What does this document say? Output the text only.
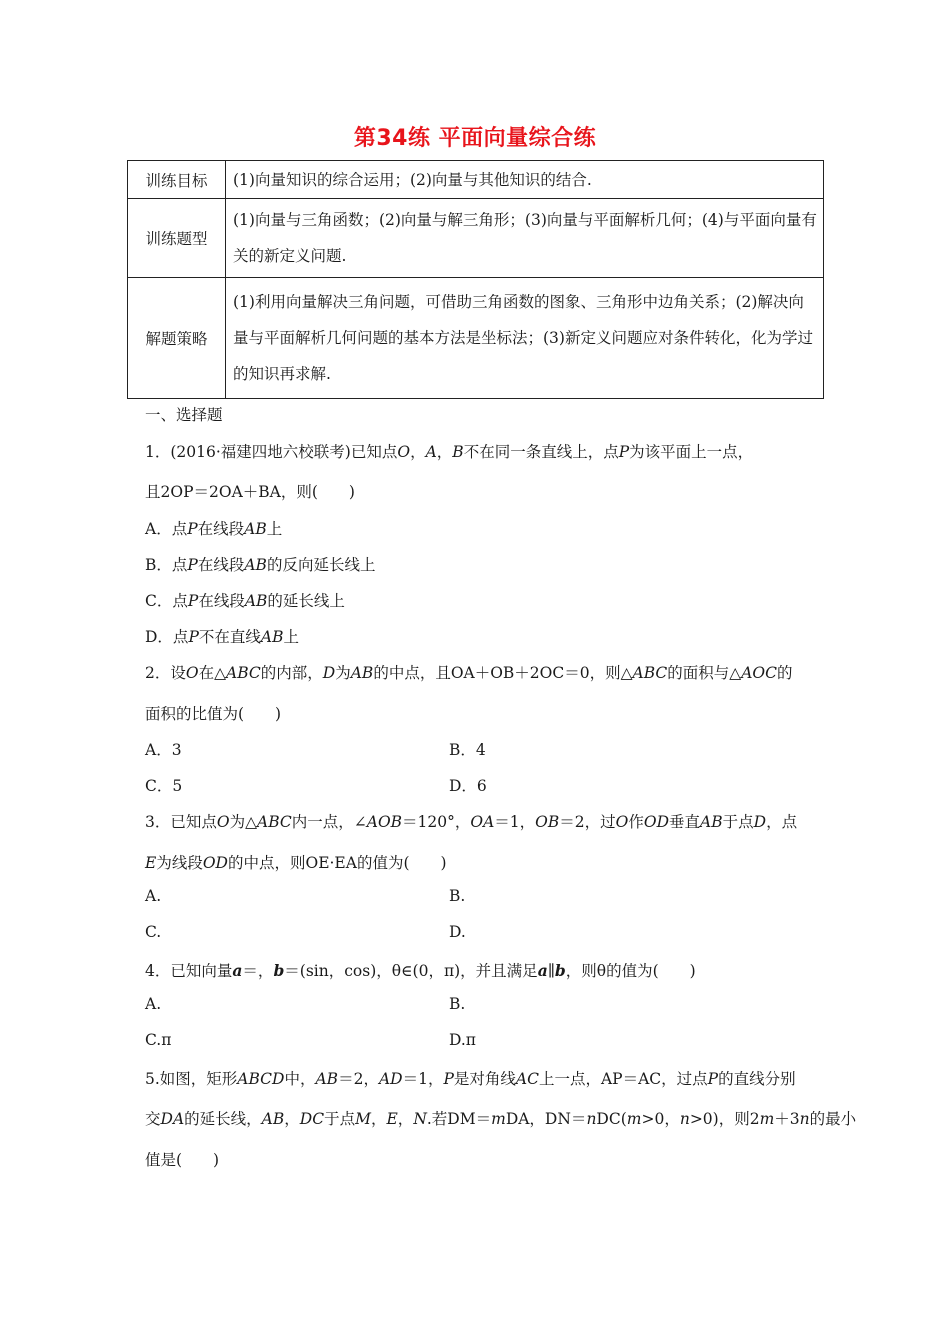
第34练 平面向量综合练
训练目标	(1)向量知识的综合运用；(2)向量与其他知识的结合.
训练题型	(1)向量与三角函数；(2)向量与解三角形；(3)向量与平面解析几何；(4)与平面向量有关的新定义问题.
解题策略	(1)利用向量解决三角问题，可借助三角函数的图象、三角形中边角关系；(2)解决向量与平面解析几何问题的基本方法是坐标法；(3)新定义问题应对条件转化，化为学过的知识再求解.
一、选择题
1．(2016·福建四地六校联考)已知点O，A，B不在同一条直线上，点P为该平面上一点，
且2OP＝2OA＋BA，则(　　)
A．点P在线段AB上
B．点P在线段AB的反向延长线上
C．点P在线段AB的延长线上
D．点P不在直线AB上
2．设O在△ABC的内部，D为AB的中点，且OA＋OB＋2OC＝0，则△ABC的面积与△AOC的
面积的比值为(　　)
A．3	B．4
C．5	D．6
3．已知点O为△ABC内一点，∠AOB＝120°，OA＝1，OB＝2，过O作OD垂直AB于点D，点
E为线段OD的中点，则OE·EA的值为(　　)
A.	B.
C.	D.
4．已知向量a＝，b＝(sin，cos)，θ∈(0，π)，并且满足a∥b，则θ的值为(　　)
A.	B.
C.π	D.π
5.如图，矩形ABCD中，AB＝2，AD＝1，P是对角线AC上一点，AP＝AC，过点P的直线分别
交DA的延长线，AB，DC于点M，E，N.若DM＝mDA，DN＝nDC(m>0，n>0)，则2m＋3n的最小
值是(　　)
